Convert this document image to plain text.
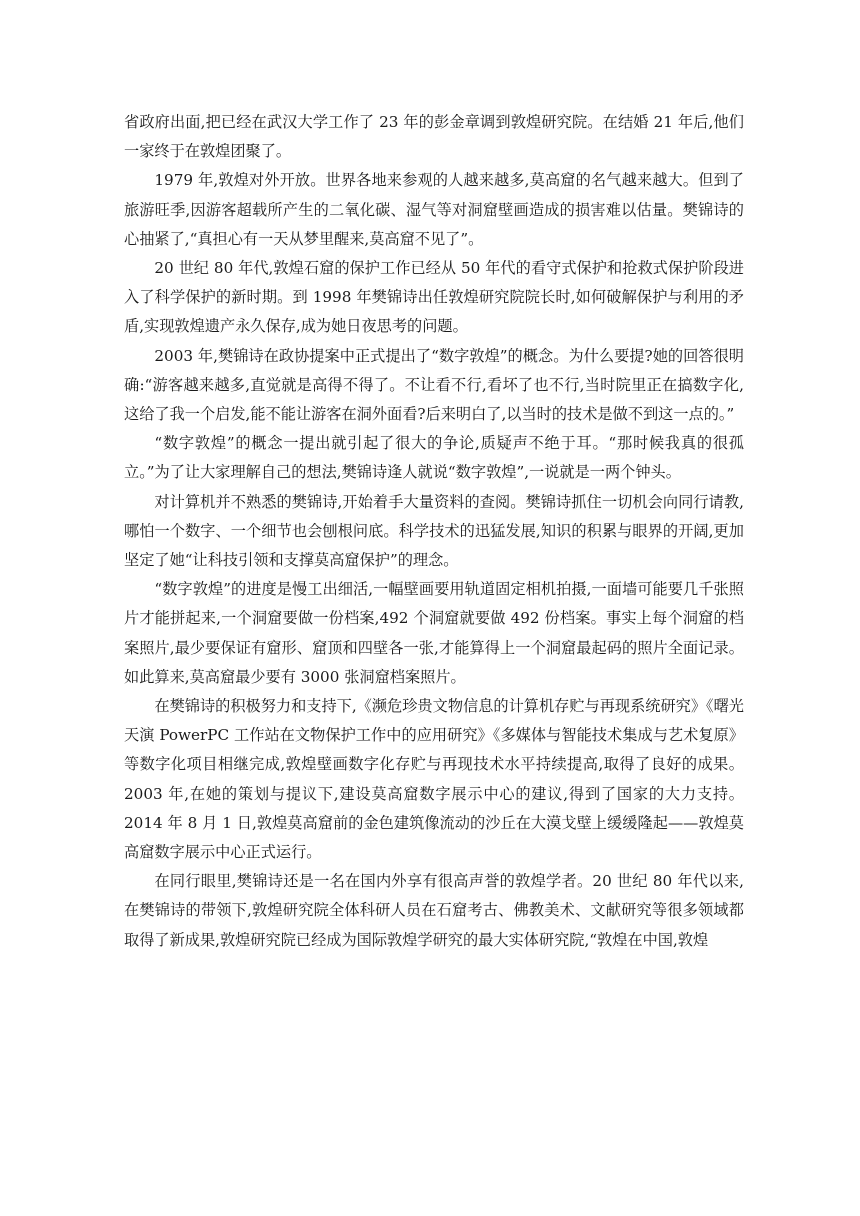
省政府出面,把已经在武汉大学工作了 23 年的彭金章调到敦煌研究院。在结婚 21 年后,他们一家终于在敦煌团聚了。

1979 年,敦煌对外开放。世界各地来参观的人越来越多,莫高窟的名气越来越大。但到了旅游旺季,因游客超载所产生的二氧化碳、湿气等对洞窟壁画造成的损害难以估量。樊锦诗的心抽紧了,“真担心有一天从梦里醒来,莫高窟不见了”。

20 世纪 80 年代,敦煌石窟的保护工作已经从 50 年代的看守式保护和抢救式保护阶段进入了科学保护的新时期。到 1998 年樊锦诗出任敦煌研究院院长时,如何破解保护与利用的矛盾,实现敦煌遗产永久保存,成为她日夜思考的问题。

2003 年,樊锦诗在政协提案中正式提出了“数字敦煌”的概念。为什么要提?她的回答很明确:“游客越来越多,直觉就是高得不得了。不让看不行,看坏了也不行,当时院里正在搞数字化,这给了我一个启发,能不能让游客在洞外面看?后来明白了,以当时的技术是做不到这一点的。”

“数字敦煌”的概念一提出就引起了很大的争论,质疑声不绝于耳。“那时候我真的很孤立。”为了让大家理解自己的想法,樊锦诗逢人就说“数字敦煌”,一说就是一两个钟头。

对计算机并不熟悉的樊锦诗,开始着手大量资料的查阅。樊锦诗抓住一切机会向同行请教,哪怕一个数字、一个细节也会刨根问底。科学技术的迅猛发展,知识的积累与眼界的开阔,更加坚定了她“让科技引领和支撑莫高窟保护”的理念。

“数字敦煌”的进度是慢工出细活,一幅壁画要用轨道固定相机拍摄,一面墙可能要几千张照片才能拼起来,一个洞窟要做一份档案,492 个洞窟就要做 492 份档案。事实上每个洞窟的档案照片,最少要保证有窟形、窟顶和四壁各一张,才能算得上一个洞窟最起码的照片全面记录。如此算来,莫高窟最少要有 3000 张洞窟档案照片。

在樊锦诗的积极努力和支持下,《濒危珍贵文物信息的计算机存贮与再现系统研究》《曙光天演 PowerPC 工作站在文物保护工作中的应用研究》《多媒体与智能技术集成与艺术复原》等数字化项目相继完成,敦煌壁画数字化存贮与再现技术水平持续提高,取得了良好的成果。2003 年,在她的策划与提议下,建设莫高窟数字展示中心的建议,得到了国家的大力支持。2014 年 8 月 1 日,敦煌莫高窟前的金色建筑像流动的沙丘在大漠戈壁上缓缓隆起——敦煌莫高窟数字展示中心正式运行。

在同行眼里,樊锦诗还是一名在国内外享有很高声誉的敦煌学者。20 世纪 80 年代以来,在樊锦诗的带领下,敦煌研究院全体科研人员在石窟考古、佛教美术、文献研究等很多领域都取得了新成果,敦煌研究院已经成为国际敦煌学研究的最大实体研究院,“敦煌在中国,敦煌
